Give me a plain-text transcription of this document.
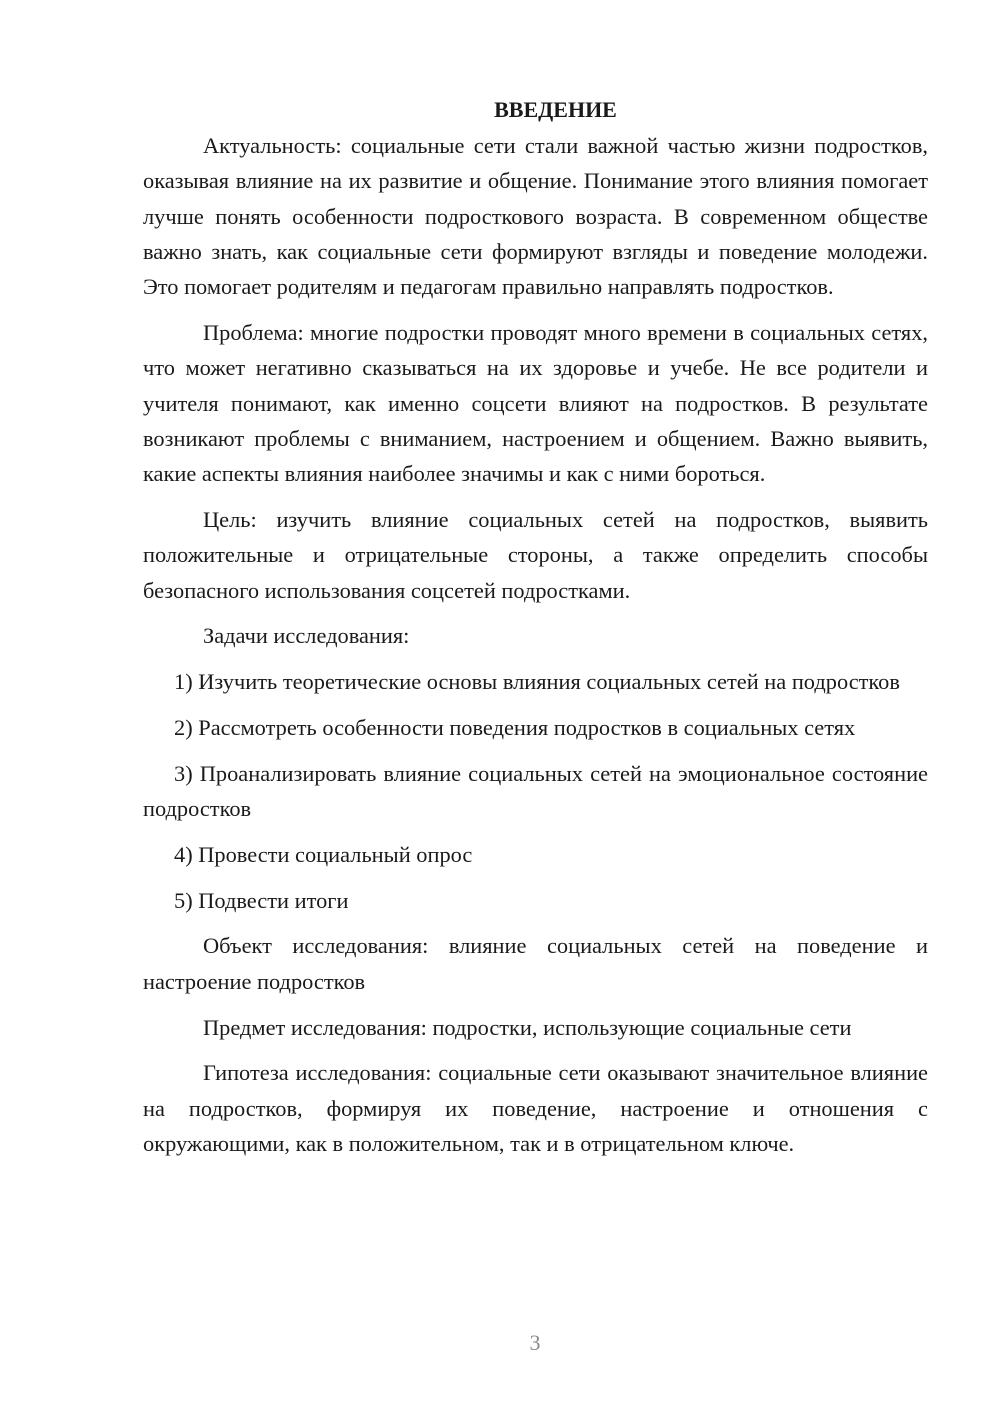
ВВЕДЕНИЕ

Актуальность: социальные сети стали важной частью жизни подростков, оказывая влияние на их развитие и общение. Понимание этого влияния помогает лучше понять особенности подросткового возраста. В современном обществе важно знать, как социальные сети формируют взгляды и поведение молодежи. Это помогает родителям и педагогам правильно направлять подростков.

Проблема: многие подростки проводят много времени в социальных сетях, что может негативно сказываться на их здоровье и учебе. Не все родители и учителя понимают, как именно соцсети влияют на подростков. В результате возникают проблемы с вниманием, настроением и общением. Важно выявить, какие аспекты влияния наиболее значимы и как с ними бороться.

Цель: изучить влияние социальных сетей на подростков, выявить положительные и отрицательные стороны, а также определить способы безопасного использования соцсетей подростками.

Задачи исследования:

1) Изучить теоретические основы влияния социальных сетей на подростков

2) Рассмотреть особенности поведения подростков в социальных сетях

3) Проанализировать влияние социальных сетей на эмоциональное состояние подростков

4) Провести социальный опрос

5) Подвести итоги

Объект исследования: влияние социальных сетей на поведение и настроение подростков

Предмет исследования: подростки, использующие социальные сети

Гипотеза исследования: социальные сети оказывают значительное влияние на подростков, формируя их поведение, настроение и отношения с окружающими, как в положительном, так и в отрицательном ключе.

3
